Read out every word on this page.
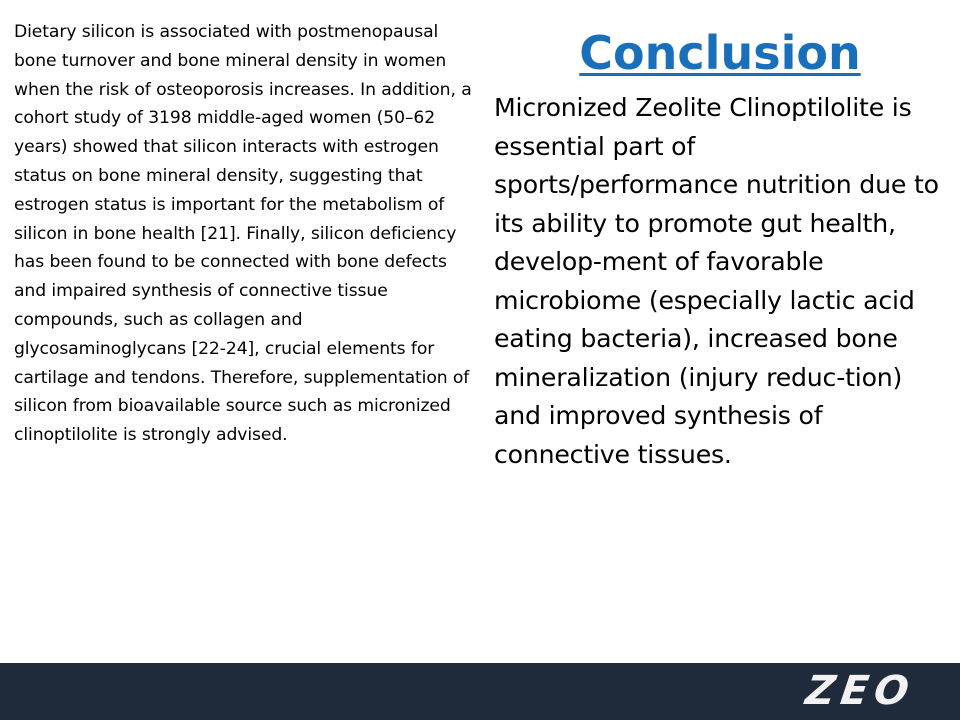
Dietary silicon is associated with postmenopausal bone turnover and bone mineral density in women when the risk of osteoporosis increases. In addition, a cohort study of 3198 middle-aged women (50–62 years) showed that silicon interacts with estrogen status on bone mineral density, suggesting that estrogen status is important for the metabolism of silicon in bone health [21]. Finally, silicon deficiency has been found to be connected with bone defects and impaired synthesis of connective tissue compounds, such as collagen and glycosaminoglycans [22-24], crucial elements for cartilage and tendons. Therefore, supplementation of silicon from bioavailable source such as micronized clinoptilolite is strongly advised.

Conclusion

Micronized Zeolite Clinoptilolite is essential part of sports/performance nutrition due to its ability to promote gut health, develop-ment of favorable microbiome (especially lactic acid eating bacteria), increased bone mineralization (injury reduc-tion) and improved synthesis of connective tissues.

ZEO
